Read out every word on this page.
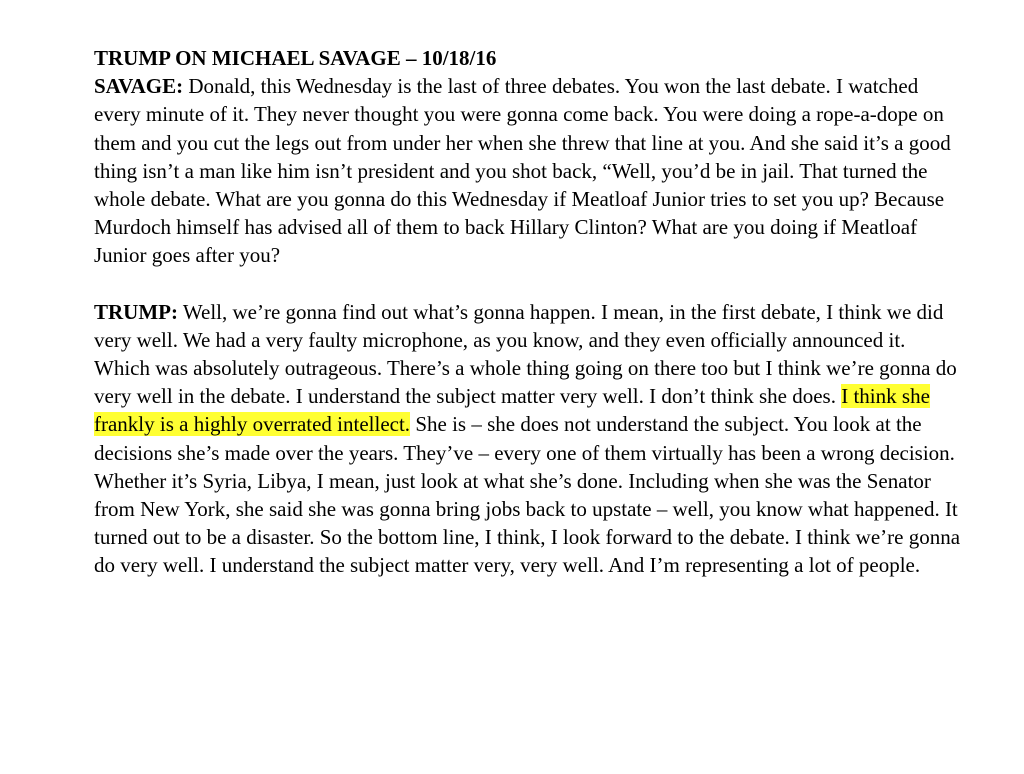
TRUMP ON MICHAEL SAVAGE – 10/18/16

SAVAGE: Donald, this Wednesday is the last of three debates. You won the last debate. I watched every minute of it. They never thought you were gonna come back. You were doing a rope-a-dope on them and you cut the legs out from under her when she threw that line at you. And she said it’s a good thing isn’t a man like him isn’t president and you shot back, “Well, you’d be in jail. That turned the whole debate. What are you gonna do this Wednesday if Meatloaf Junior tries to set you up? Because Murdoch himself has advised all of them to back Hillary Clinton? What are you doing if Meatloaf Junior goes after you?

TRUMP: Well, we’re gonna find out what’s gonna happen. I mean, in the first debate, I think we did very well. We had a very faulty microphone, as you know, and they even officially announced it. Which was absolutely outrageous. There’s a whole thing going on there too but I think we’re gonna do very well in the debate. I understand the subject matter very well. I don’t think she does. I think she frankly is a highly overrated intellect. She is – she does not understand the subject. You look at the decisions she’s made over the years. They’ve – every one of them virtually has been a wrong decision. Whether it’s Syria, Libya, I mean, just look at what she’s done. Including when she was the Senator from New York, she said she was gonna bring jobs back to upstate – well, you know what happened. It turned out to be a disaster. So the bottom line, I think, I look forward to the debate. I think we’re gonna do very well. I understand the subject matter very, very well. And I’m representing a lot of people.
